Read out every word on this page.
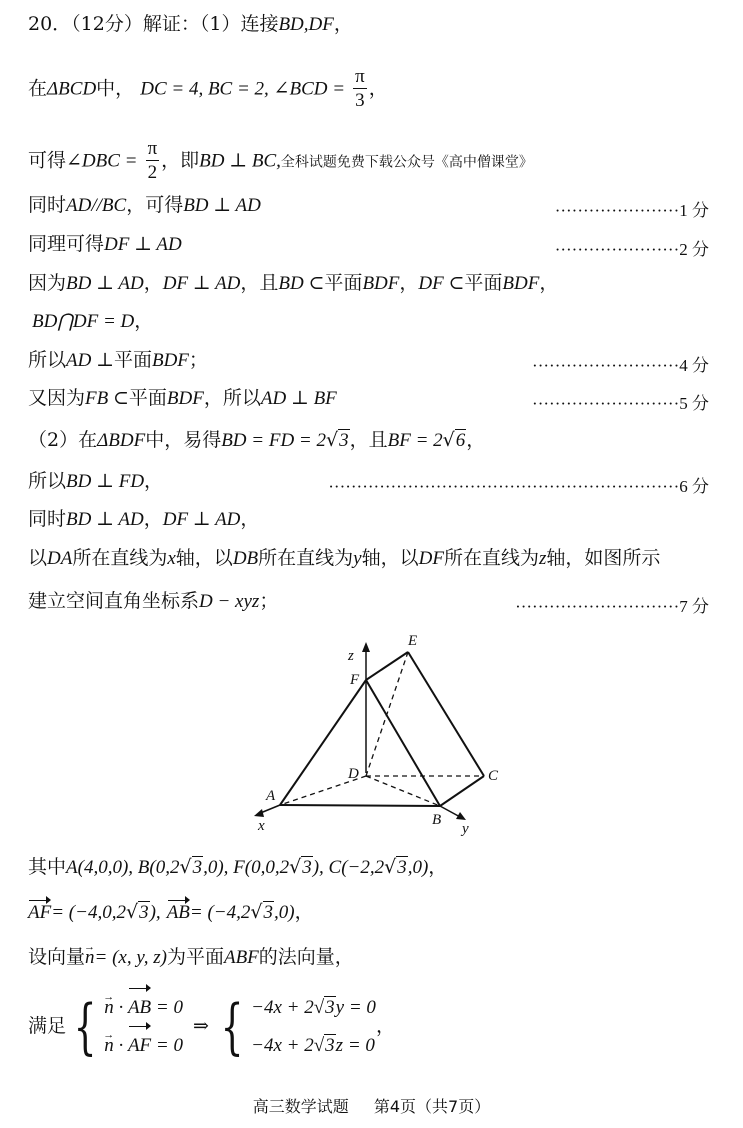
20．（12分）解证：（1）连接BD,DF，
在ΔBCD中， DC = 4, BC = 2, ∠BCD = $\frac{\pi}{3}$ ，
可得∠DBC = $\frac{\pi}{2}$ ，即BD ⊥ BC,全科试题免费下载公众号《高中僧课堂》
同时AD//BC，可得BD ⊥ AD	······················1 分
同理可得DF ⊥ AD	······················2 分
因为BD ⊥ AD，DF ⊥ AD，且BD ⊂平面BDF，DF ⊂平面BDF，
BD⋂DF = D，
所以AD ⊥平面BDF；	··························4 分
又因为FB ⊂平面BDF，所以AD ⊥ BF	··························5 分
（2）在ΔBDF中，易得BD = FD = 2√3，且BF = 2√6，
所以BD ⊥ FD，	······························································6 分
同时BD ⊥ AD，DF ⊥ AD，
以DA所在直线为x轴，以DB所在直线为y轴，以DF所在直线为z轴，如图所示
建立空间直角坐标系D − xyz；	·····························7 分
z
E
F
D	C
A
B
x	y
其中A(4,0,0), B(0,2√3,0), F(0,0,2√3), C(−2,2√3,0)，
AF= (−4,0,2√3), AB= (−4,2√3,0)，
设向量→ n= (x, y, z)为平面ABF的法向量，
满足 {
→ n · AB = 0
→ n · AF = 0
⇒ { −4x + 2√3y = 0
−4x + 2√3z = 0
，
高三数学试题 第4页（共7页）
